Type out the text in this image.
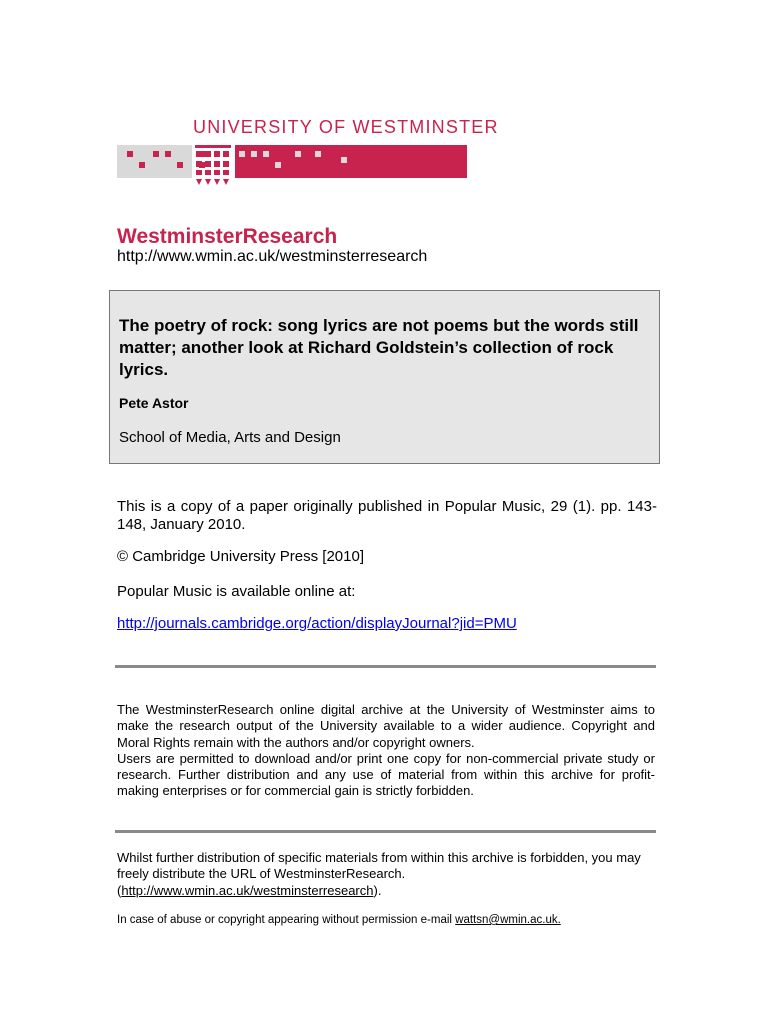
UNIVERSITY OF WESTMINSTER
WestminsterResearch
http://www.wmin.ac.uk/westminsterresearch
The poetry of rock: song lyrics are not poems but the words still matter; another look at Richard Goldstein’s collection of rock lyrics.
Pete Astor
School of Media, Arts and Design
This is a copy of a paper originally published in Popular Music, 29 (1). pp. 143-148, January 2010.
© Cambridge University Press [2010]
Popular Music is available online at:
http://journals.cambridge.org/action/displayJournal?jid=PMU

The WestminsterResearch online digital archive at the University of Westminster aims to make the research output of the University available to a wider audience. Copyright and Moral Rights remain with the authors and/or copyright owners.

Users are permitted to download and/or print one copy for non-commercial private study or research. Further distribution and any use of material from within this archive for profit-making enterprises or for commercial gain is strictly forbidden.

Whilst further distribution of specific materials from within this archive is forbidden, you may freely distribute the URL of WestminsterResearch.
(http://www.wmin.ac.uk/westminsterresearch).
In case of abuse or copyright appearing without permission e-mail wattsn@wmin.ac.uk.
